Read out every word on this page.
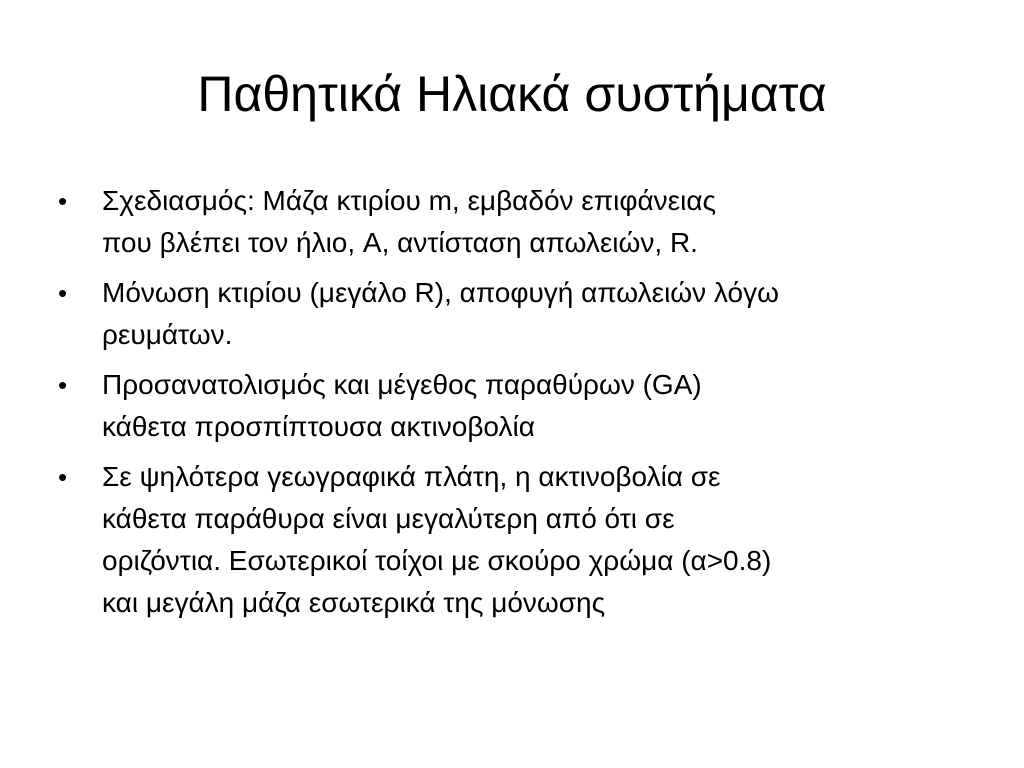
Παθητικά Ηλιακά συστήματα
•	Σχεδιασμός: Μάζα κτιρίου m, εμβαδόν επιφάνειας
που βλέπει τον ήλιο, A, αντίσταση απωλειών, R.
•	Μόνωση κτιρίου (μεγάλο R), αποφυγή απωλειών λόγω
ρευμάτων.
•	Προσανατολισμός και μέγεθος παραθύρων (GA)
κάθετα προσπίπτουσα ακτινοβολία
•	Σε ψηλότερα γεωγραφικά πλάτη, η ακτινοβολία σε
κάθετα παράθυρα είναι μεγαλύτερη από ότι σε
οριζόντια. Εσωτερικοί τοίχοι με σκούρο χρώμα (α>0.8)
και μεγάλη μάζα εσωτερικά της μόνωσης
